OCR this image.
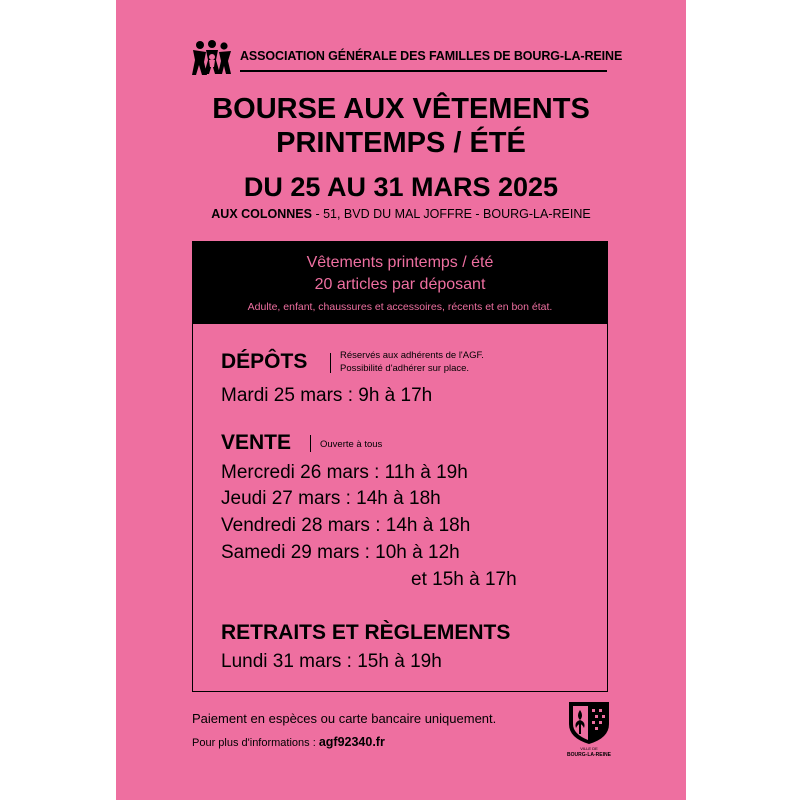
ASSOCIATION GÉNÉRALE DES FAMILLES DE BOURG-LA-REINE
BOURSE AUX VÊTEMENTS
PRINTEMPS / ÉTÉ
DU 25 AU 31 MARS 2025
AUX COLONNES - 51, BVD DU MAL JOFFRE - BOURG-LA-REINE
Vêtements printemps / été
20 articles par déposant
Adulte, enfant, chaussures et accessoires, récents et en bon état.
DÉPÔTS	Réservés aux adhérents de l'AGF.
Possibilité d'adhérer sur place.
Mardi 25 mars : 9h à 17h
VENTE	Ouverte à tous
Mercredi 26 mars : 11h à 19h
Jeudi 27 mars : 14h à 18h
Vendredi 28 mars : 14h à 18h
Samedi 29 mars : 10h à 12h
et 15h à 17h
RETRAITS ET RÈGLEMENTS
Lundi 31 mars : 15h à 19h
Paiement en espèces ou carte bancaire uniquement.
Pour plus d'informations : agf92340.fr	VILLE DE
BOURG-LA-REINE
